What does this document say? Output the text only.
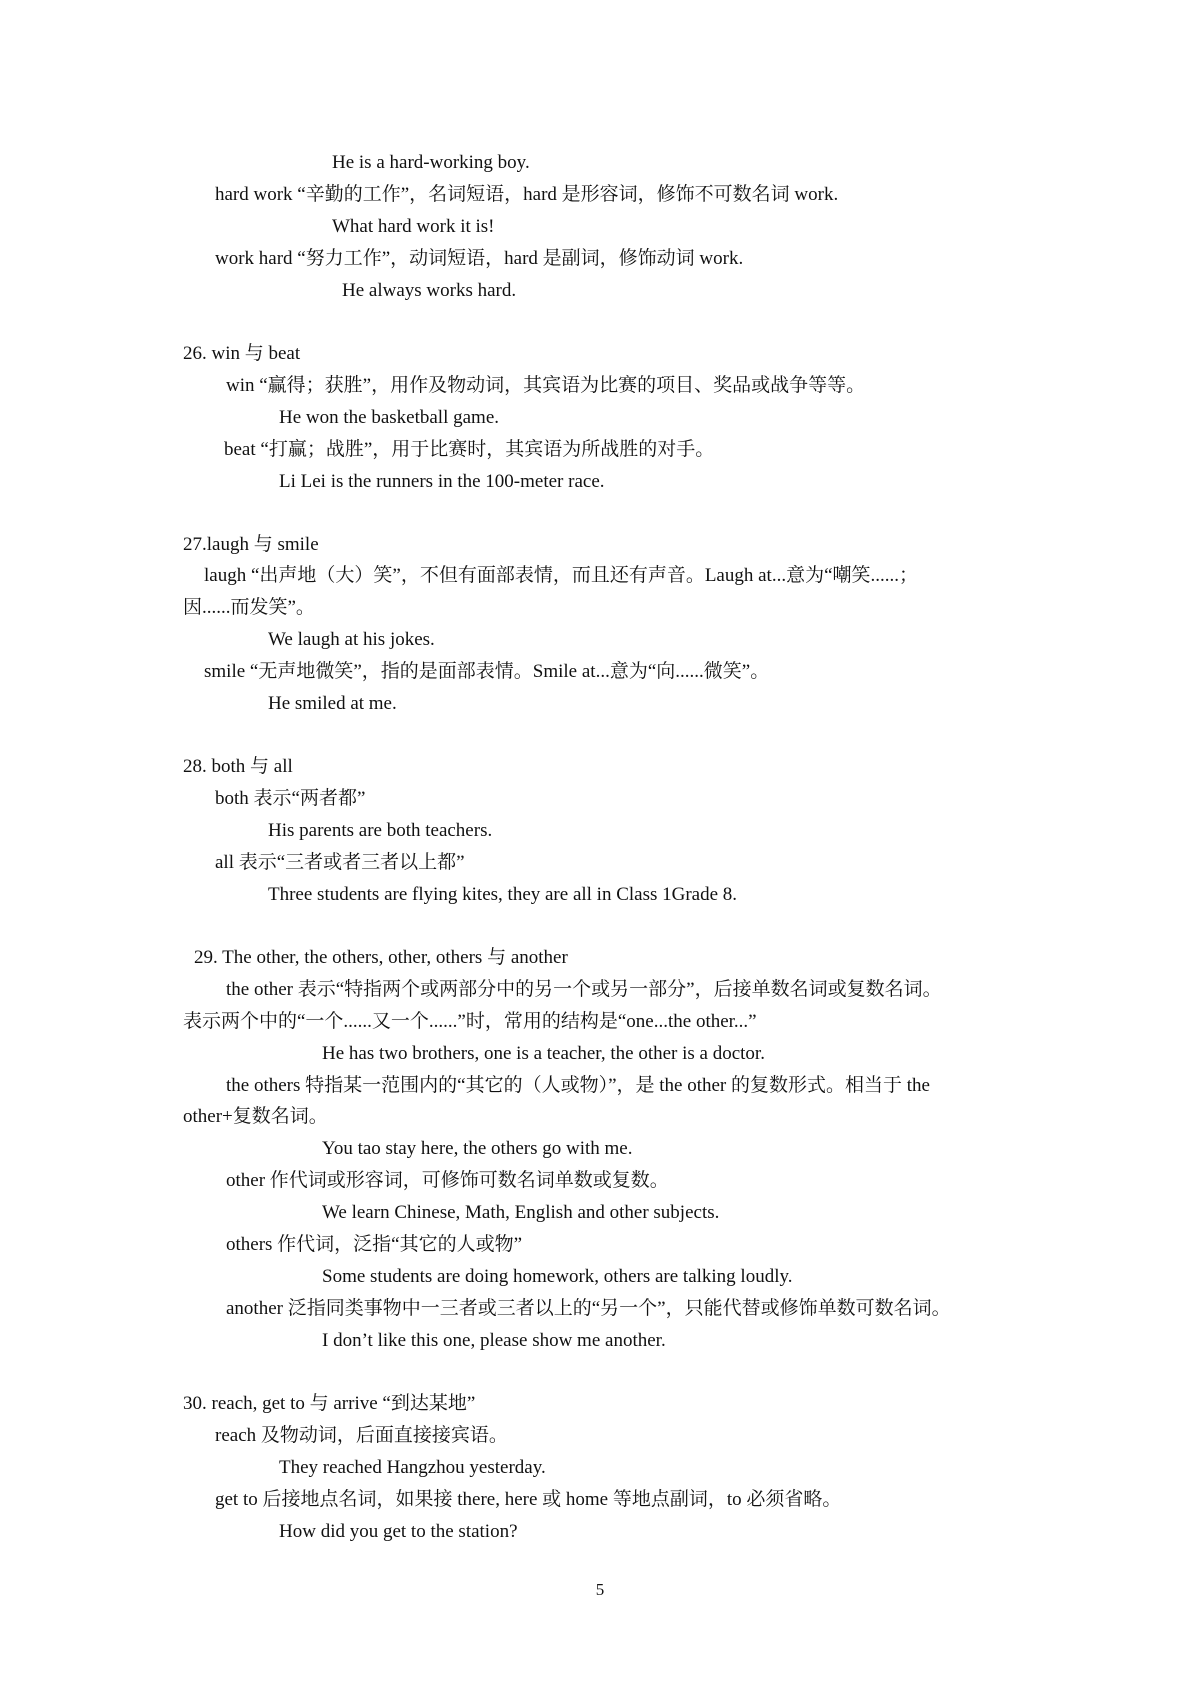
He is a hard-working boy.
hard work “辛勤的工作”，名词短语，hard 是形容词，修饰不可数名词 work.
What hard work it is!
work hard “努力工作”，动词短语，hard 是副词，修饰动词 work.
He always works hard.
26. win 与 beat
win “赢得；获胜”，用作及物动词，其宾语为比赛的项目、奖品或战争等等。
He won the basketball game.
beat “打赢；战胜”，用于比赛时，其宾语为所战胜的对手。
Li Lei is the runners in the 100-meter race.
27.laugh 与 smile
laugh “出声地（大）笑”，不但有面部表情，而且还有声音。Laugh at...意为“嘲笑......；
因......而发笑”。
We laugh at his jokes.
smile “无声地微笑”，指的是面部表情。Smile at...意为“向......微笑”。
He smiled at me.
28. both 与 all
both 表示“两者都”
His parents are both teachers.
all 表示“三者或者三者以上都”
Three students are flying kites, they are all in Class 1Grade 8.
29. The other, the others, other, others 与 another
the other 表示“特指两个或两部分中的另一个或另一部分”，后接单数名词或复数名词。
表示两个中的“一个......又一个......”时，常用的结构是“one...the other...”
He has two brothers, one is a teacher, the other is a doctor.
the others 特指某一范围内的“其它的（人或物）”，是 the other 的复数形式。相当于 the
other+复数名词。
You tao stay here, the others go with me.
other 作代词或形容词，可修饰可数名词单数或复数。
We learn Chinese, Math, English and other subjects.
others 作代词，泛指“其它的人或物”
Some students are doing homework, others are talking loudly.
another 泛指同类事物中一三者或三者以上的“另一个”，只能代替或修饰单数可数名词。
I don’t like this one, please show me another.
30. reach, get to 与 arrive “到达某地”
reach 及物动词，后面直接接宾语。
They reached Hangzhou yesterday.
get to 后接地点名词，如果接 there, here 或 home 等地点副词，to 必须省略。
How did you get to the station?
5
